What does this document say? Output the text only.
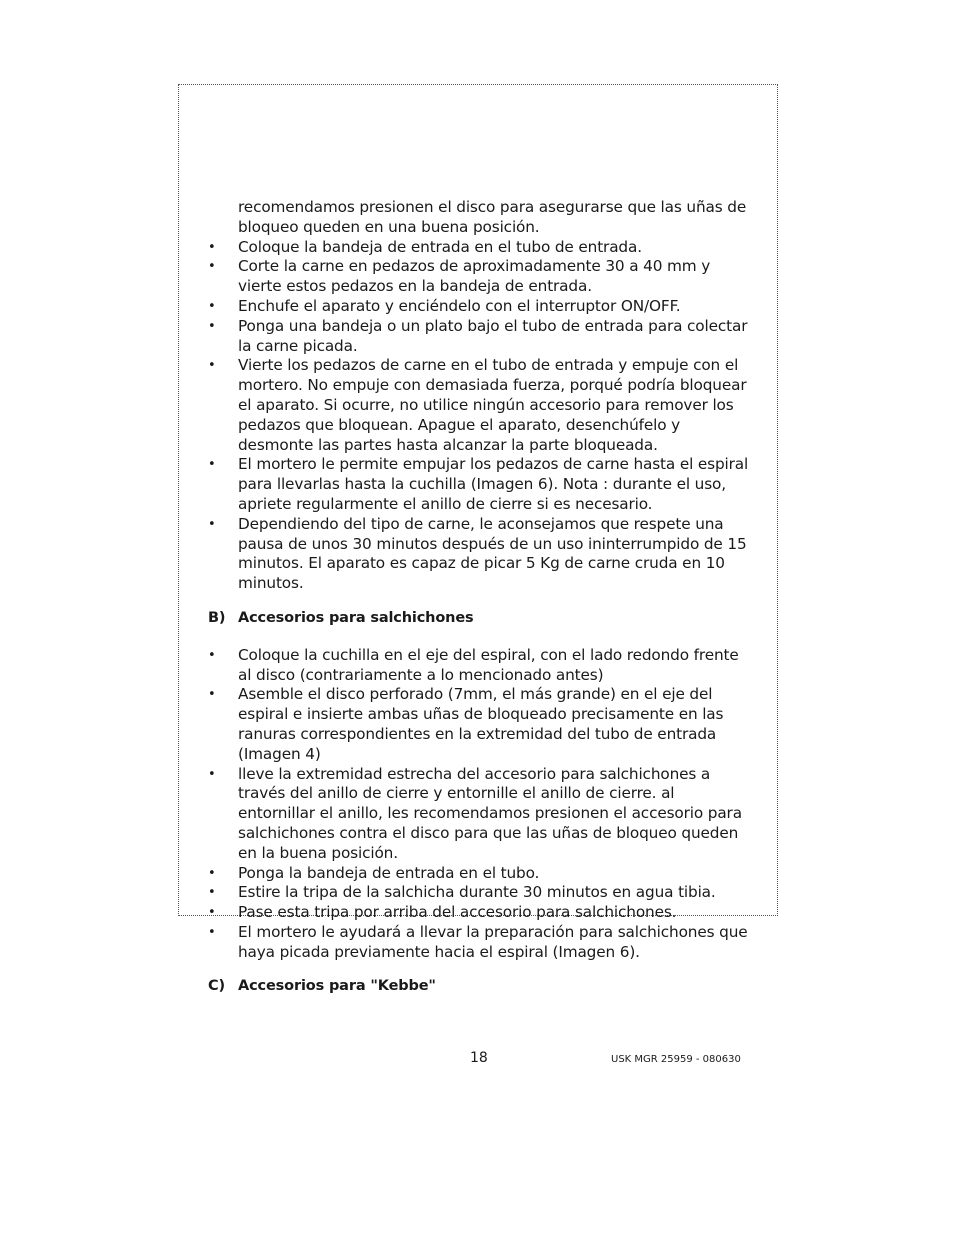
recomendamos presionen el disco para asegurarse que las uñas de bloqueo queden en una buena posición.

•	Coloque la bandeja de entrada en el tubo de entrada.
•	Corte la carne en pedazos de aproximadamente 30 a 40 mm y vierte estos pedazos en la bandeja de entrada.
•	Enchufe el aparato y enciéndelo con el interruptor ON/OFF.
•	Ponga una bandeja o un plato bajo el tubo de entrada para colectar la carne picada.
•	Vierte los pedazos de carne en el tubo de entrada y empuje con el mortero. No empuje con demasiada fuerza, porqué podría bloquear el aparato. Si ocurre, no utilice ningún accesorio para remover los pedazos que bloquean. Apague el aparato, desenchúfelo y desmonte las partes hasta alcanzar la parte bloqueada.
•	El mortero le permite empujar los pedazos de carne hasta el espiral para llevarlas hasta la cuchilla (Imagen 6). Nota : durante el uso, apriete regularmente el anillo de cierre si es necesario.
•	Dependiendo del tipo de carne, le aconsejamos que respete una pausa de unos 30 minutos después de un uso ininterrumpido de 15 minutos. El aparato es capaz de picar 5 Kg de carne cruda en 10 minutos.
B) Accesorios para salchichones
•	Coloque la cuchilla en el eje del espiral, con el lado redondo frente al disco (contrariamente a lo mencionado antes)
•	Asemble el disco perforado (7mm, el más grande) en el eje del espiral e insierte ambas uñas de bloqueado precisamente en las ranuras correspondientes en la extremidad del tubo de entrada (Imagen 4)
•	lleve la extremidad estrecha del accesorio para salchichones a través del anillo de cierre y entornille el anillo de cierre. al entornillar el anillo, les recomendamos presionen el accesorio para salchichones contra el disco para que las uñas de bloqueo queden en la buena posición.
•	Ponga la bandeja de entrada en el tubo.
•	Estire la tripa de la salchicha durante 30 minutos en agua tibia.
•	Pase esta tripa por arriba del accesorio para salchichones.
•	El mortero le ayudará a llevar la preparación para salchichones que haya picada previamente hacia el espiral (Imagen 6).
C) Accesorios para "Kebbe"
18	USK MGR 25959 - 080630
